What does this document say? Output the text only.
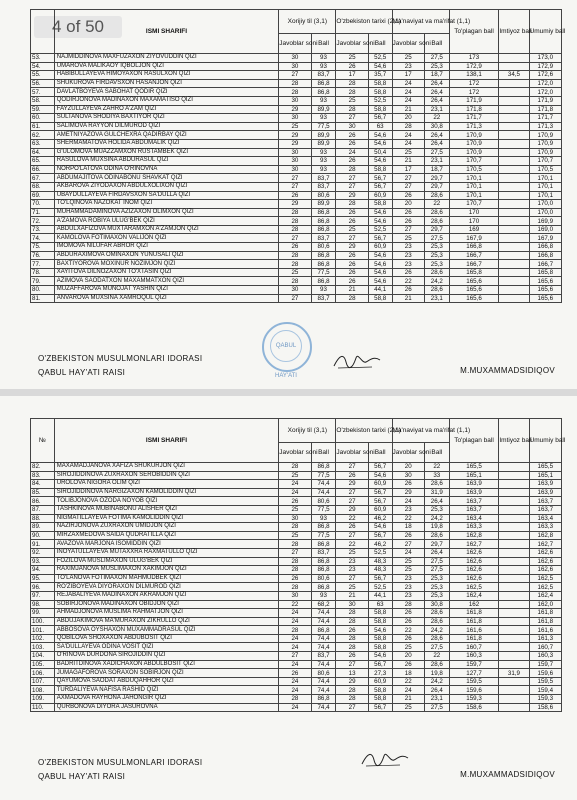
4 of 50
		ISMI SHARIFI	Xorijiy til (3,1)		O'zbekiston tarixi (2,1)		Ma'naviyat va ma'rifat (1,1)		To'plagan ball	Imtiyoz bali	Umumiy ball
		Javoblar soni	Ball	Javoblar soni	Ball	Javoblar soni	Ball			
53.	NAJMIDDINOVA MAXFUZAXON ZIYOVUDDIN QIZI	30	93	25	52,5	25	27,5	173		173,0
54.	UMAROVA MALIKAOY IQBOLJON QIZI	30	93	26	54,6	23	25,3	172,9		172,9
55.	HABIBULLAYEVA HIMOYAXON RASULXON QIZI	27	83,7	17	35,7	17	18,7	138,1	34,5	172,6
56.	SHUKUROVA FIRDAVSXON HASANJON QIZI	28	86,8	28	58,8	24	26,4	172		172,0
57.	DAVLATBOYEVA SABOHAT QODIR QIZI	28	86,8	28	58,8	24	26,4	172		172,0
58.	QODIRJONOVA MADINAXON MAXAMATISO QIZI	30	93	25	52,5	24	26,4	171,9		171,9
59.	FAYZULLAYEVA ZAHRO A'ZAM QIZI	29	89,9	28	58,8	21	23,1	171,8		171,8
60.	SULTANOVA SHODIYA BAXTIYOR QIZI	30	93	27	56,7	20	22	171,7		171,7
61.	SALIMOVA RAYYON DILMUROD QIZI	25	77,5	30	63	28	30,8	171,3		171,3
62.	AMETNIYAZOVA GULCHEXRA QADIRBAY QIZI	29	89,9	26	54,6	24	26,4	170,9		170,9
63.	SHERMAMATOVA HOLIDA ABDUMALIK QIZI	29	89,9	26	54,6	24	26,4	170,9		170,9
64.	G'ULOMOVA MUAZZAMXON RUSTAMBEK QIZI	30	93	24	50,4	25	27,5	170,9		170,9
65.	RASULOVA MUXSINA ABDURASUL QIZI	30	93	26	54,6	21	23,1	170,7		170,7
66.	NORPO'LATOVA ODINA O'RINOVNA	30	93	28	58,8	17	18,7	170,5		170,5
67.	ABDUMAJITOVA ODINABONU SHAVKAT QIZI	27	83,7	27	56,7	27	29,7	170,1		170,1
68.	AKBAROVA ZIYODAXON ABDULXOLIXON QIZI	27	83,7	27	56,7	27	29,7	170,1		170,1
69.	UBAYDULLAYEVA FIRDAVSXON SA'DULLA QIZI	26	80,6	29	60,9	26	28,6	170,1		170,1
70.	TO'LQINOVA NAZOKAT INOM QIZI	29	89,9	28	58,8	20	22	170,7		170,0
71.	MUHAMMADAMINOVA AZIZAXON OLIMXON QIZI	28	86,8	26	54,6	26	28,6	170		170,0
72.	A'ZAMOVA ROBIYA ULUG'BEK QIZI	28	86,8	26	54,6	26	28,6	170		169,9
73.	ABDULXAFIZOVA MUXTARAMXON A'ZAMJON QIZI	28	86,8	25	52,5	27	29,7	169		169,0
74.	KAMOLOVA FOTIMAXON VALIJON QIZI	27	83,7	27	56,7	25	27,5	167,9		167,9
75.	IMOMOVA NILUFAR ABROR QIZI	26	80,6	29	60,9	23	25,3	166,8		166,8
76.	ABDURAXIMOVA OMINAXON YUNUSALI QIZI	28	86,8	26	54,6	23	25,3	166,7		166,8
77.	BAXTIYOROVA MOXINUR NOZIMJON QIZI	28	86,8	26	54,6	23	25,3	166,7		166,7
78.	XAYITOVA DILNOZAXON TO'XTASIN QIZI	25	77,5	26	54,6	26	28,6	165,8		165,8
79.	AZIMOVA SAODATXON MAXAMMATXON QIZI	28	86,8	26	54,6	22	24,2	165,6		165,6
80.	MUZAFFAROVA MUNOJAT YASHIN QIZI	30	93	21	44,1	26	28,6	165,6		165,6
81.	ANVAROVA MUXSINA XAMROQUL QIZI	27	83,7	28	58,8	21	23,1	165,6		165,6
QABUL HAY'ATI
O'ZBEKISTON MUSULMONLARI IDORASI
QABUL HAY'ATI RAISI	M.MUXAMMADSIDIQOV
№	ISMI SHARIFI	Xorijiy til (3,1)		O'zbekiston tarixi (2,1)		Ma'naviyat va ma'rifat (1,1)		To'plagan ball	Imtiyoz bali	Umumiy ball
		Javoblar soni	Ball	Javoblar soni	Ball	Javoblar soni	Ball			
82.	MAXAMADJANOVA XAFIZA SHUKURJON QIZI	28	86,8	27	56,7	20	22	165,5		165,5
83.	SIROJIDDINOVA ZUXRAXON SEROBIDDIN QIZI	25	77,5	26	54,6	30	33	165,1		165,1
84.	UROLOVA NIGORA OLIM QIZI	24	74,4	29	60,9	26	28,6	163,9		163,9
85.	SIROJIDDINOVA NARGIZAXON KAMOLIDDIN QIZI	24	74,4	27	56,7	29	31,9	163,9		163,9
86.	TOLIBJONOVA OZODA NOYOB QIZI	26	80,6	27	56,7	24	26,4	163,7		163,7
87.	TASHKINOVA MUBINABONU ALISHER QIZI	25	77,5	29	60,9	23	25,3	163,7		163,7
88.	NIGMATILLAYEVA FOTIMA KAMOLIDDIN QIZI	30	93	22	46,2	22	24,2	163,4		163,4
89.	NAZIRJONOVA ZUXRAXON UMIDJON QIZI	28	86,8	26	54,6	18	19,8	163,3		163,3
90.	MIRZAXMEDOVA SAIDA QUDRATILLA QIZI	25	77,5	27	56,7	26	28,6	162,8		162,8
91.	AVAZOVA MARJONA ISOMIDDIN QIZI	28	86,8	22	46,2	27	29,7	162,7		162,7
92.	INOYATULLAYEVA MUTAXXRA RAXMATULLO QIZI	27	83,7	25	52,5	24	26,4	162,6		162,6
93.	FOZILOVA MUSLIMAXON ULUG'BEK QIZI	28	86,8	23	48,3	25	27,5	162,6		162,6
94.	RAXIMJANOVA MUSLIMAXON XAKIMJON QIZI	28	86,8	23	48,3	25	27,5	162,6		162,6
95.	TO'LANOVA FOTIMAXON MAHMUDBEK QIZI	26	80,6	27	56,7	23	25,3	162,6		162,5
96.	RO'ZIBOYEVA DIYORAXON DILMUROD QIZI	28	86,8	25	52,5	23	25,3	162,5		162,5
97.	REJABALIYEVA MADINAXON AKRAMJON QIZI	30	93	21	44,1	23	25,3	162,4		162,4
98.	SOBIRJONOVA MADINAXON OBIDJON QIZI	22	68,2	30	63	28	30,8	162		162,0
99.	AHMADJONOVA MUSLIMA RAHMATJON QIZI	24	74,4	28	58,8	26	28,6	161,8		161,8
100.	ABDUJAKIMOVA MA'MURAXON ZIKRULLO QIZI	24	74,4	28	58,8	26	28,6	161,8		161,8
101.	ABBOSOVA OYSHAXON MUXAMMADRASUL QIZI	28	86,8	26	54,6	22	24,2	161,6		161,6
102.	QOBILOVA SHOXAXON ABDUBOSIT QIZI	24	74,4	28	58,8	26	28,6	161,8		161,3
103.	SA'DULLAYEVA ODINA VOSIT QIZI	24	74,4	28	58,8	25	27,5	160,7		160,7
104.	O'RINOVA DURDONA SIROJIDDIN QIZI	27	83,7	26	54,6	20	22	160,3		160,3
105.	BADRITDINOVA XADICHAXON ABDULBOSIT QIZI	24	74,4	27	56,7	26	28,6	159,7		159,7
106.	JUMAGAFOROVA SORAXON SOBIRJON QIZI	26	80,6	13	27,3	18	19,8	127,7	31,9	159,6
107.	QAYUMOVA SAODAT ABDUQAHHOR QIZI	24	74,4	29	60,9	22	24,2	159,5		159,5
108.	TURDALIYEVA NAFISA RASHID QIZI	24	74,4	28	58,8	24	26,4	159,6		159,4
109.	AXMADOVA RAYHONA JAHONGIR QIZI	28	86,8	28	58,8	21	23,1	159,3		159,3
110.	QURBONOVA DIYORA JASUROVNA	24	74,4	27	56,7	25	27,5	158,6		158,6
O'ZBEKISTON MUSULMONLARI IDORASI
QABUL HAY'ATI RAISI	M.MUXAMMADSIDIQOV
